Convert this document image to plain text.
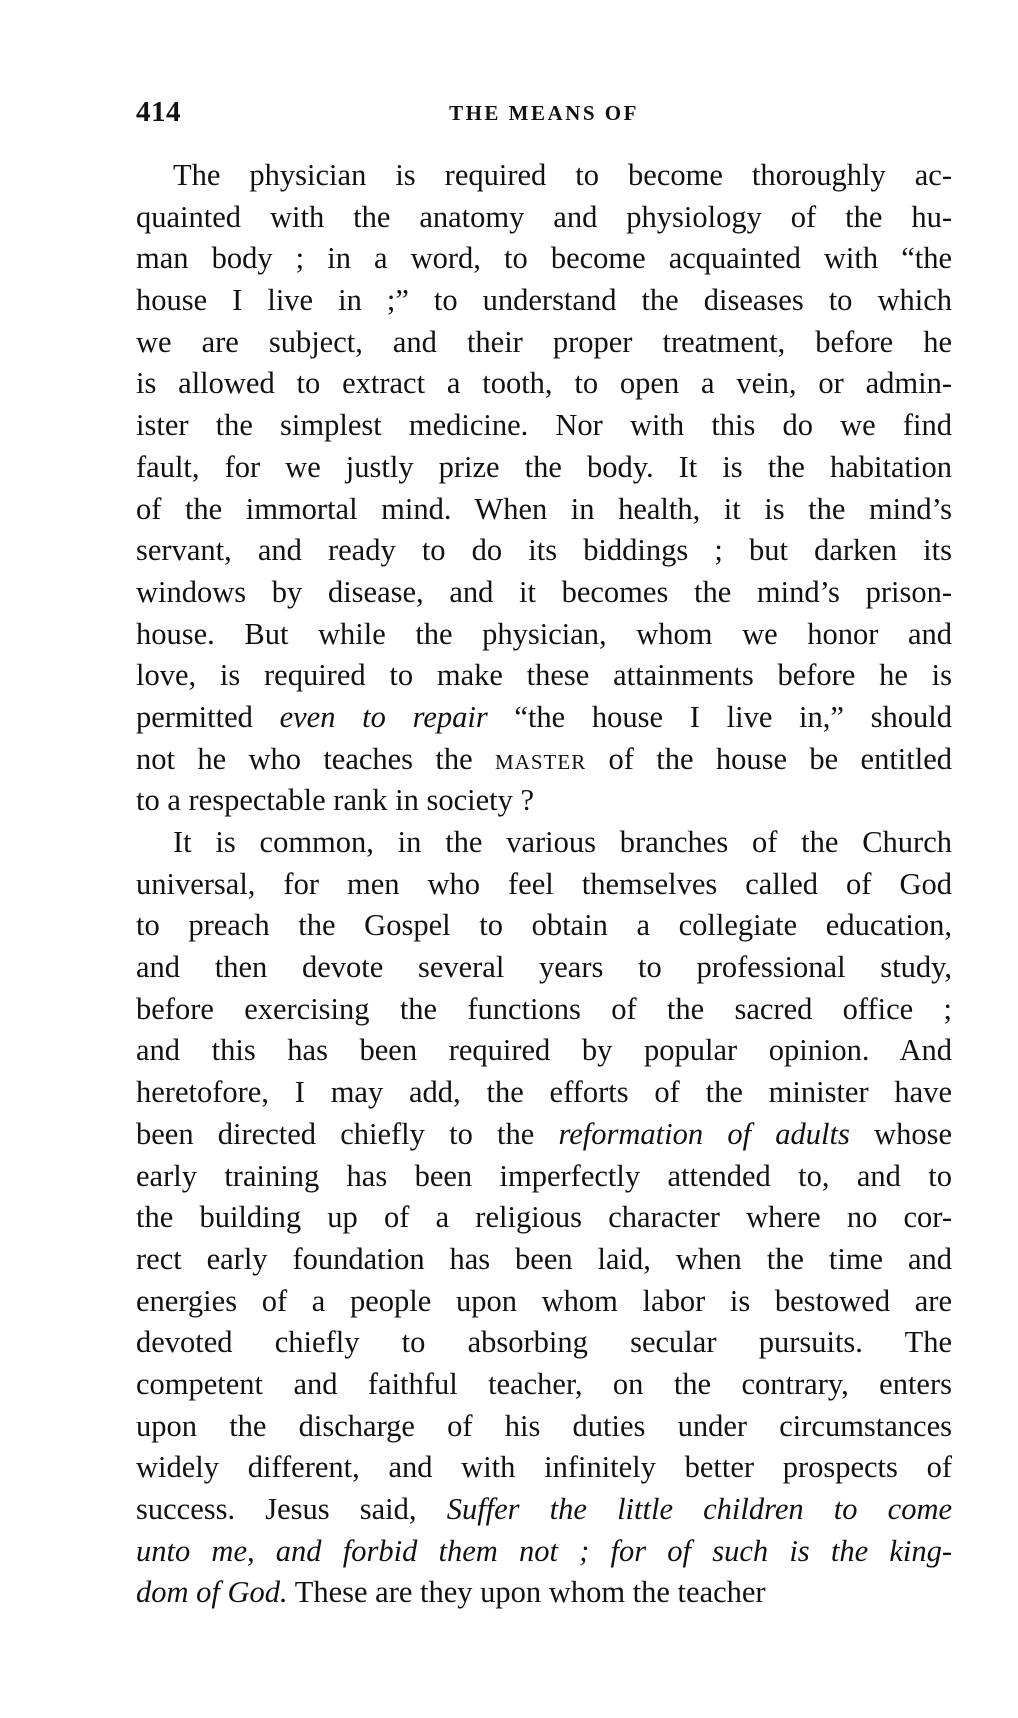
414	THE MEANS OF
The physician is required to become thoroughly ac-
quainted with the anatomy and physiology of the hu-
man body ; in a word, to become acquainted with “the
house I live in ;” to understand the diseases to which
we are subject, and their proper treatment, before he
is allowed to extract a tooth, to open a vein, or admin-
ister the simplest medicine. Nor with this do we find
fault, for we justly prize the body. It is the habitation
of the immortal mind. When in health, it is the mind’s
servant, and ready to do its biddings ; but darken its
windows by disease, and it becomes the mind’s prison-
house. But while the physician, whom we honor and
love, is required to make these attainments before he is
permitted even to repair “the house I live in,” should
not he who teaches the master of the house be entitled
to a respectable rank in society ?
It is common, in the various branches of the Church
universal, for men who feel themselves called of God
to preach the Gospel to obtain a collegiate education,
and then devote several years to professional study,
before exercising the functions of the sacred office ;
and this has been required by popular opinion. And
heretofore, I may add, the efforts of the minister have
been directed chiefly to the reformation of adults whose
early training has been imperfectly attended to, and to
the building up of a religious character where no cor-
rect early foundation has been laid, when the time and
energies of a people upon whom labor is bestowed are
devoted chiefly to absorbing secular pursuits. The
competent and faithful teacher, on the contrary, enters
upon the discharge of his duties under circumstances
widely different, and with infinitely better prospects of
success. Jesus said, Suffer the little children to come
unto me, and forbid them not ; for of such is the king-
dom of God. These are they upon whom the teacher
